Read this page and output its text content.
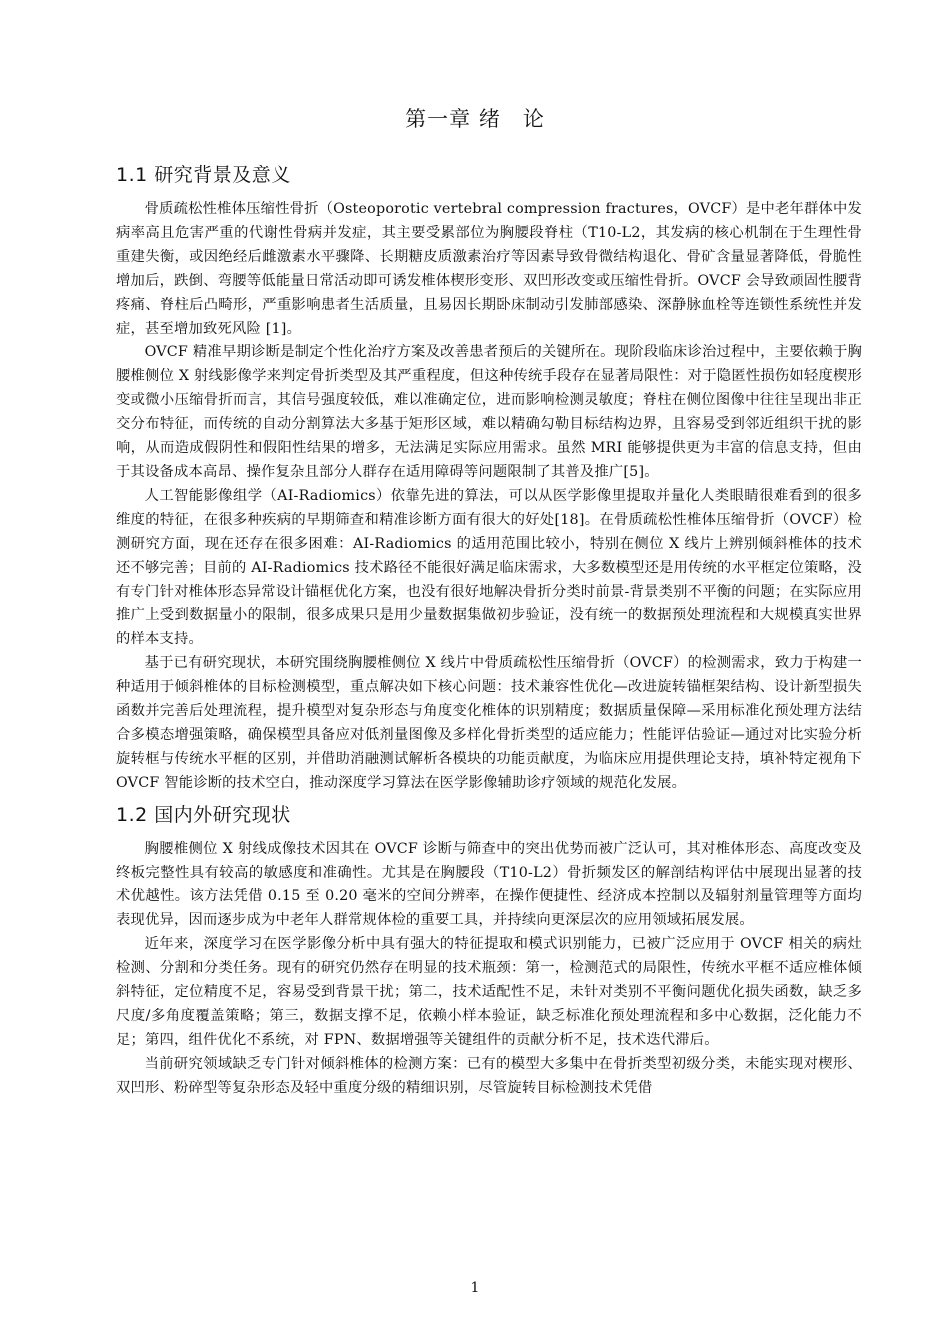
第一章 绪　论
1.1 研究背景及意义

骨质疏松性椎体压缩性骨折（Osteoporotic vertebral compression fractures，OVCF）是中老年群体中发病率高且危害严重的代谢性骨病并发症，其主要受累部位为胸腰段脊柱（T10-L2，其发病的核心机制在于生理性骨重建失衡，或因绝经后雌激素水平骤降、长期糖皮质激素治疗等因素导致骨微结构退化、骨矿含量显著降低，骨脆性增加后，跌倒、弯腰等低能量日常活动即可诱发椎体楔形变形、双凹形改变或压缩性骨折。OVCF 会导致顽固性腰背疼痛、脊柱后凸畸形，严重影响患者生活质量，且易因长期卧床制动引发肺部感染、深静脉血栓等连锁性系统性并发症，甚至增加致死风险 [1]。

OVCF 精准早期诊断是制定个性化治疗方案及改善患者预后的关键所在。现阶段临床诊治过程中，主要依赖于胸腰椎侧位 X 射线影像学来判定骨折类型及其严重程度，但这种传统手段存在显著局限性：对于隐匿性损伤如轻度楔形变或微小压缩骨折而言，其信号强度较低，难以准确定位，进而影响检测灵敏度；脊柱在侧位图像中往往呈现出非正交分布特征，而传统的自动分割算法大多基于矩形区域，难以精确勾勒目标结构边界，且容易受到邻近组织干扰的影响，从而造成假阴性和假阳性结果的增多，无法满足实际应用需求。虽然 MRI 能够提供更为丰富的信息支持，但由于其设备成本高昂、操作复杂且部分人群存在适用障碍等问题限制了其普及推广[5]。

人工智能影像组学（AI-Radiomics）依靠先进的算法，可以从医学影像里提取并量化人类眼睛很难看到的很多维度的特征，在很多种疾病的早期筛查和精准诊断方面有很大的好处[18]。在骨质疏松性椎体压缩骨折（OVCF）检测研究方面，现在还存在很多困难：AI-Radiomics 的适用范围比较小，特别在侧位 X 线片上辨别倾斜椎体的技术还不够完善；目前的 AI-Radiomics 技术路径不能很好满足临床需求，大多数模型还是用传统的水平框定位策略，没有专门针对椎体形态异常设计锚框优化方案，也没有很好地解决骨折分类时前景-背景类别不平衡的问题；在实际应用推广上受到数据量小的限制，很多成果只是用少量数据集做初步验证，没有统一的数据预处理流程和大规模真实世界的样本支持。

基于已有研究现状，本研究围绕胸腰椎侧位 X 线片中骨质疏松性压缩骨折（OVCF）的检测需求，致力于构建一种适用于倾斜椎体的目标检测模型，重点解决如下核心问题：技术兼容性优化—改进旋转锚框架结构、设计新型损失函数并完善后处理流程，提升模型对复杂形态与角度变化椎体的识别精度；数据质量保障—采用标准化预处理方法结合多模态增强策略，确保模型具备应对低剂量图像及多样化骨折类型的适应能力；性能评估验证—通过对比实验分析旋转框与传统水平框的区别，并借助消融测试解析各模块的功能贡献度，为临床应用提供理论支持，填补特定视角下 OVCF 智能诊断的技术空白，推动深度学习算法在医学影像辅助诊疗领域的规范化发展。

1.2 国内外研究现状

胸腰椎侧位 X 射线成像技术因其在 OVCF 诊断与筛查中的突出优势而被广泛认可，其对椎体形态、高度改变及终板完整性具有较高的敏感度和准确性。尤其是在胸腰段（T10-L2）骨折频发区的解剖结构评估中展现出显著的技术优越性。该方法凭借 0.15 至 0.20 毫米的空间分辨率，在操作便捷性、经济成本控制以及辐射剂量管理等方面均表现优异，因而逐步成为中老年人群常规体检的重要工具，并持续向更深层次的应用领域拓展发展。

近年来，深度学习在医学影像分析中具有强大的特征提取和模式识别能力，已被广泛应用于 OVCF 相关的病灶检测、分割和分类任务。现有的研究仍然存在明显的技术瓶颈：第一，检测范式的局限性，传统水平框不适应椎体倾斜特征，定位精度不足，容易受到背景干扰；第二，技术适配性不足，未针对类别不平衡问题优化损失函数，缺乏多尺度/多角度覆盖策略；第三，数据支撑不足，依赖小样本验证，缺乏标准化预处理流程和多中心数据，泛化能力不足；第四，组件优化不系统，对 FPN、数据增强等关键组件的贡献分析不足，技术迭代滞后。

当前研究领域缺乏专门针对倾斜椎体的检测方案：已有的模型大多集中在骨折类型初级分类，未能实现对楔形、双凹形、粉碎型等复杂形态及轻中重度分级的精细识别，尽管旋转目标检测技术凭借

1
